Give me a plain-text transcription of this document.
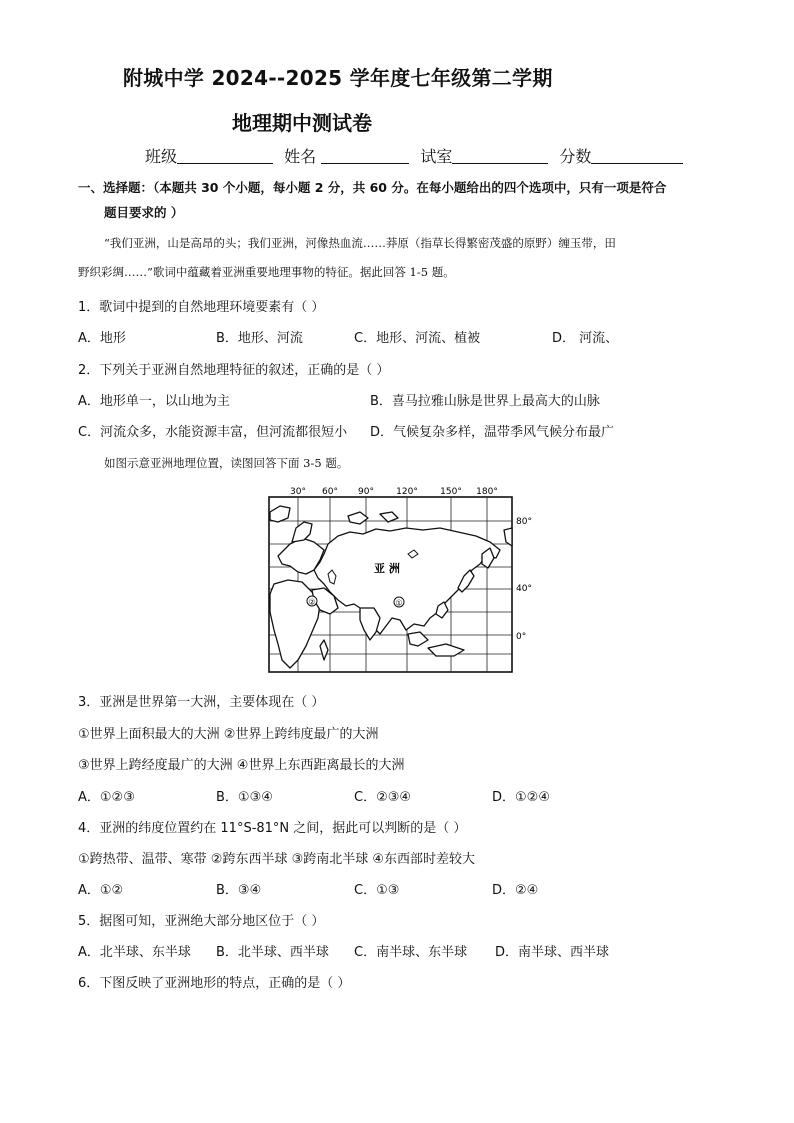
附城中学 2024--2025 学年度七年级第二学期
地理期中测试卷
班级	姓名	试室	分数
一、选择题：（本题共 30 个小题，每小题 2 分，共 60 分。在每小题给出的四个选项中，只有一项是符合
题目要求的 ）
“我们亚洲，山是高昂的头；我们亚洲，河像热血流……莽原（指草长得繁密茂盛的原野）缠玉带，田
野织彩绸……”歌词中蕴藏着亚洲重要地理事物的特征。据此回答 1-5 题。
1．歌词中提到的自然地理环境要素有（ ）
A．地形	B．地形、河流	C．地形、河流、植被	D． 河流、
2．下列关于亚洲自然地理特征的叙述，正确的是（ ）
A．地形单一，以山地为主	B．喜马拉雅山脉是世界上最高大的山脉
C．河流众多，水能资源丰富，但河流都很短小 D．气候复杂多样，温带季风气候分布最广
如图示意亚洲地理位置，读图回答下面 3-5 题。
30° 60° 90° 120° 150° 180°
80°
40°
0°
亚 洲
①
②
3．亚洲是世界第一大洲，主要体现在（ ）
①世界上面积最大的大洲 ②世界上跨纬度最广的大洲
③世界上跨经度最广的大洲 ④世界上东西距离最长的大洲
A．①②③	B．①③④	C．②③④	D．①②④
4．亚洲的纬度位置约在 11°S-81°N 之间，据此可以判断的是（ ）
①跨热带、温带、寒带 ②跨东西半球 ③跨南北半球 ④东西部时差较大
A．①②	B．③④	C．①③	D．②④
5．据图可知，亚洲绝大部分地区位于（ ）
A．北半球、东半球 B．北半球、西半球 C．南半球、东半球 D．南半球、西半球
6．下图反映了亚洲地形的特点，正确的是（ ）
